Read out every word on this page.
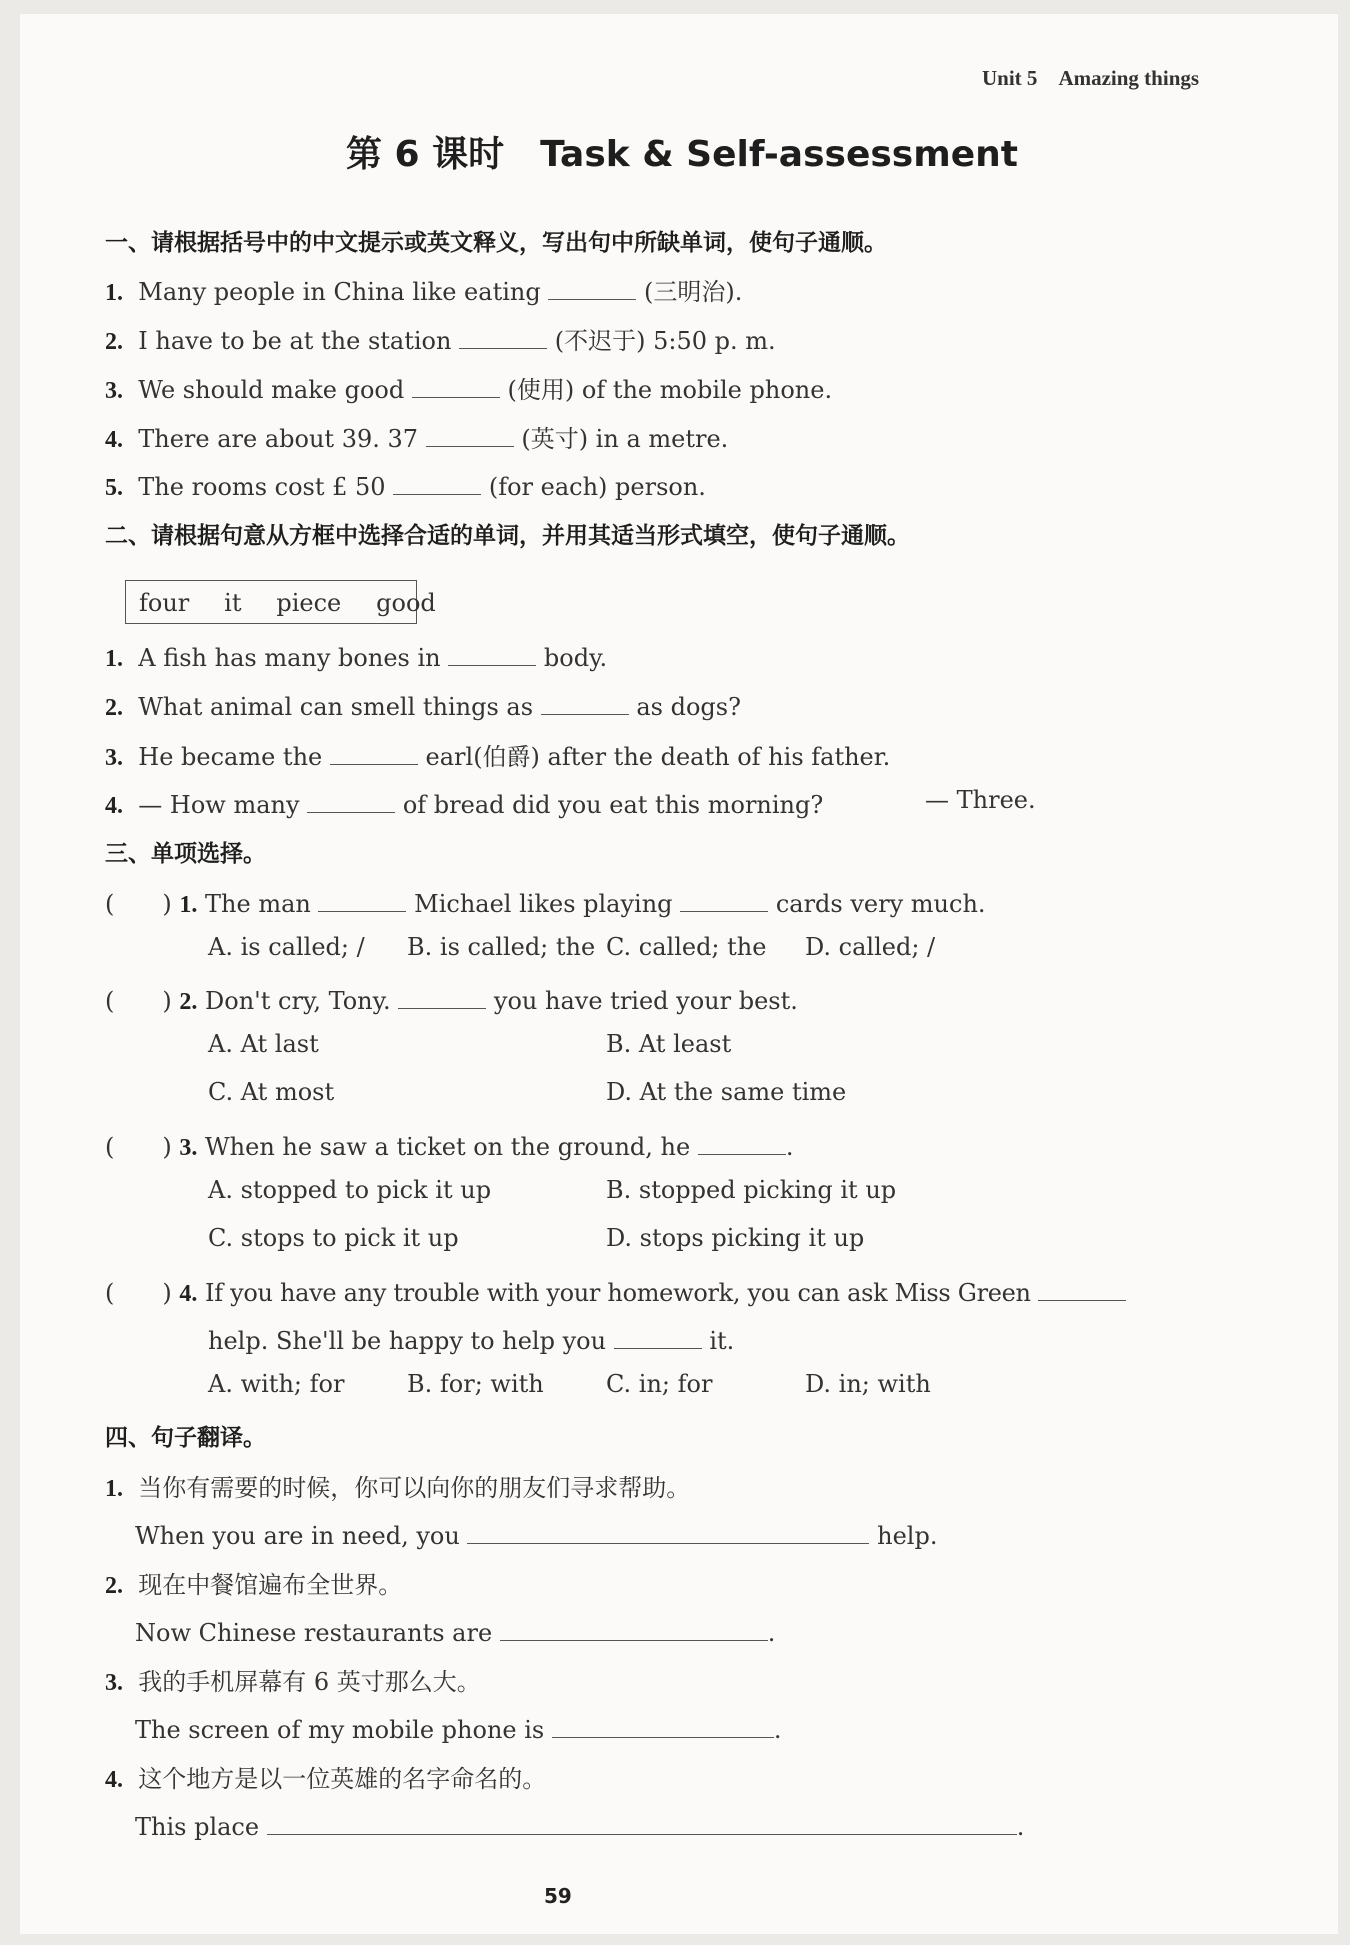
Unit 5 Amazing things
第 6 课时　Task & Self-assessment
一、请根据括号中的中文提示或英文释义，写出句中所缺单词，使句子通顺。
1. Many people in China like eating	(三明治).
2. I have to be at the station	(不迟于) 5:50 p. m.
3. We should make good	(使用) of the mobile phone.
4. There are about 39. 37	(英寸) in a metre.
5. The rooms cost £ 50	(for each) person.
二、请根据句意从方框中选择合适的单词，并用其适当形式填空，使句子通顺。
four   it   piece   good
1. A fish has many bones in	body.
2. What animal can smell things as	as dogs?
3. He became the	earl(伯爵) after the death of his father.
4. — How many	of bread did you eat this morning?	— Three.
三、单项选择。
(　　) 1. The man	Michael likes playing	cards very much.
A. is called; / B. is called; the C. called; the D. called; /
(　　) 2. Don't cry, Tony.	you have tried your best.
A. At last	B. At least
C. At most	D. At the same time
(　　) 3. When he saw a ticket on the ground, he	.
A. stopped to pick it up	B. stopped picking it up
C. stops to pick it up	D. stops picking it up
(　　) 4. If you have any trouble with your homework, you can ask Miss Green
help. She'll be happy to help you	it.
A. with; for	B. for; with	C. in; for	D. in; with
四、句子翻译。
1. 当你有需要的时候，你可以向你的朋友们寻求帮助。
When you are in need, you	help.
2. 现在中餐馆遍布全世界。
Now Chinese restaurants are	.
3. 我的手机屏幕有 6 英寸那么大。
The screen of my mobile phone is	.
4. 这个地方是以一位英雄的名字命名的。
This place	.
59
